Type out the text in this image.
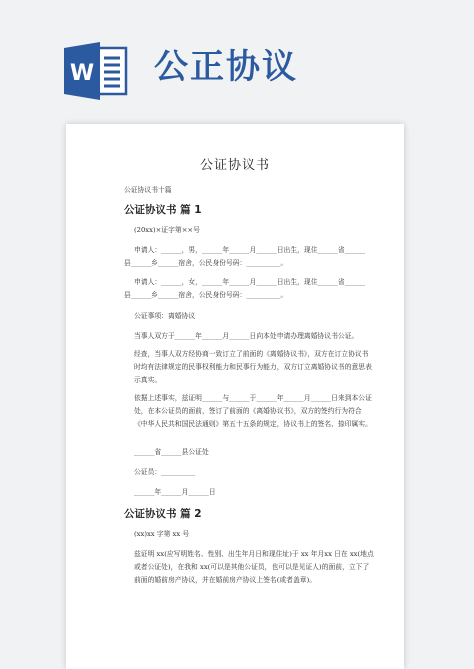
W 公正协议
公证协议书
公证协议书十篇
公证协议书 篇 1
(20xx)×证字第××号
申请人：______，男，______年______月______日出生，现住______省______
县______乡______宿舍，公民身份号码：__________。
申请人：______，女，______年______月______日出生，现住______省______
县______乡______宿舍，公民身份号码：__________。
公证事项：离婚协议
当事人双方于______年______月______日向本处申请办理离婚协议书公证。
经查，当事人双方经协商一致订立了前面的《离婚协议书》，双方在订立协议书时均有法律规定的民事权利能力和民事行为能力，双方订立离婚协议书的意思表示真实。
依据上述事实，兹证明______与______于______年______月______日来到本公证处，在本公证员的面前，签订了前面的《离婚协议书》，双方的签约行为符合《中华人民共和国民法通则》第五十五条的规定，协议书上的签名、捺印属实。
______省______县公证处
公证员：__________
______年______月______日
公证协议书 篇 2
(xx)xx 字第 xx 号
兹证明 xx(应写明姓名、性别、出生年月日和现住址)于 xx 年月xx 日在 xx(地点或者公证处)，在我和 xx(可以是其他公证员，也可以是见证人)的面前，立下了前面的婚前房产协议，并在婚前房产协议上签名(或者盖章)。
